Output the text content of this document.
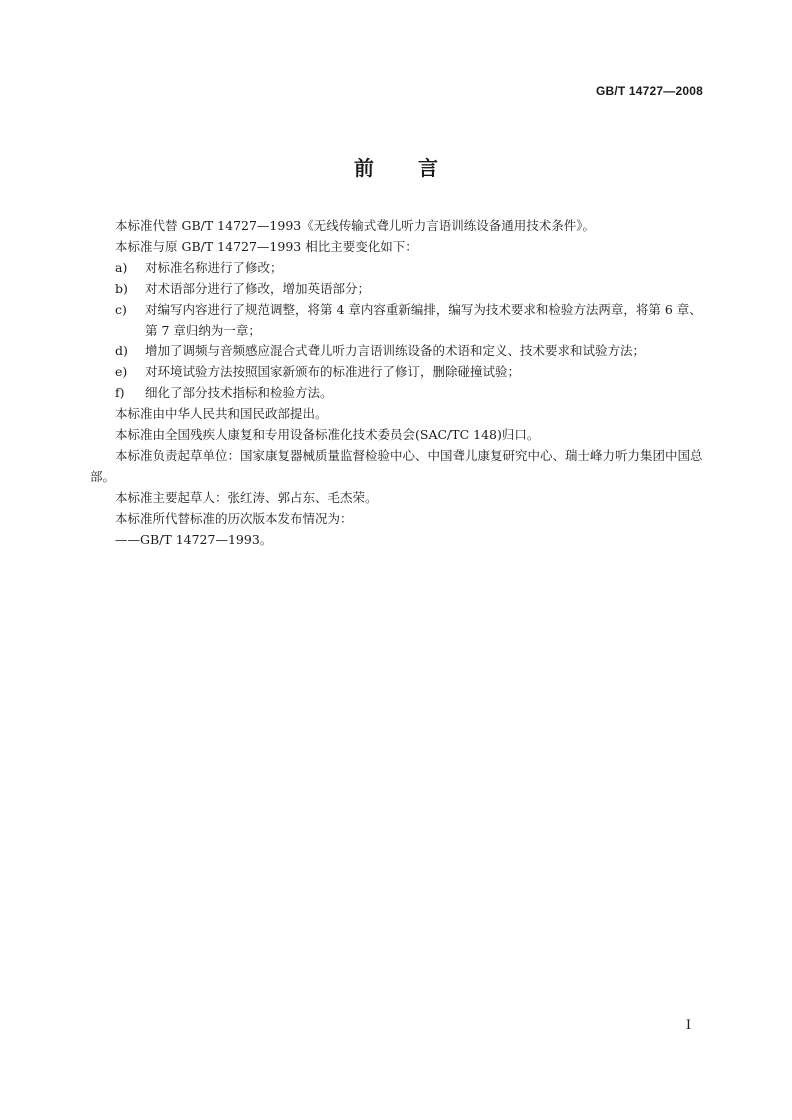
GB/T 14727—2008
前 言

本标准代替 GB/T 14727—1993《无线传输式聋儿听力言语训练设备通用技术条件》。

本标准与原 GB/T 14727—1993 相比主要变化如下：

a) 对标准名称进行了修改；

b) 对术语部分进行了修改，增加英语部分；

c) 对编写内容进行了规范调整，将第 4 章内容重新编排，编写为技术要求和检验方法两章，将第 6 章、第 7 章归纳为一章；

d) 增加了调频与音频感应混合式聋儿听力言语训练设备的术语和定义、技术要求和试验方法；

e) 对环境试验方法按照国家新颁布的标准进行了修订，删除碰撞试验；

f) 细化了部分技术指标和检验方法。

本标准由中华人民共和国民政部提出。

本标准由全国残疾人康复和专用设备标准化技术委员会(SAC/TC 148)归口。

本标准负责起草单位：国家康复器械质量监督检验中心、中国聋儿康复研究中心、瑞士峰力听力集团中国总部。

本标准主要起草人：张红涛、郭占东、毛杰荣。

本标准所代替标准的历次版本发布情况为：

——GB/T 14727—1993。

I
